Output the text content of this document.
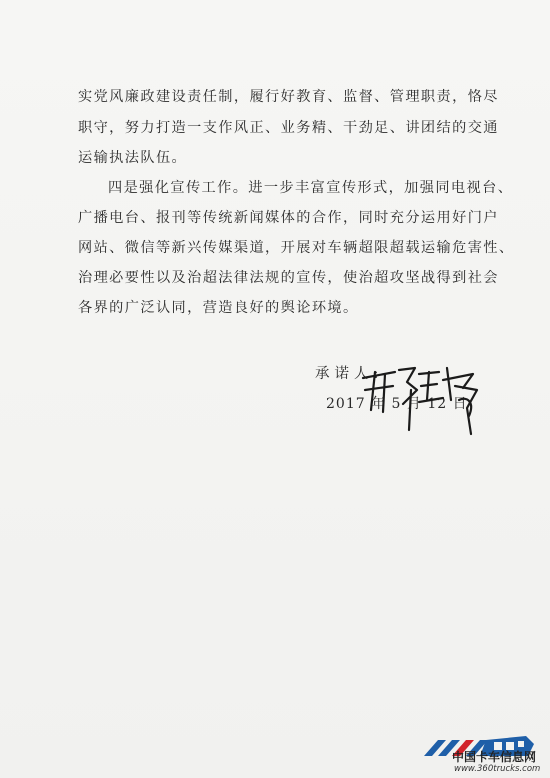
实党风廉政建设责任制，履行好教育、监督、管理职责，恪尽
职守，努力打造一支作风正、业务精、干劲足、讲团结的交通
运输执法队伍。
四是强化宣传工作。进一步丰富宣传形式，加强同电视台、
广播电台、报刊等传统新闻媒体的合作，同时充分运用好门户
网站、微信等新兴传媒渠道，开展对车辆超限超载运输危害性、
治理必要性以及治超法律法规的宣传，使治超攻坚战得到社会
各界的广泛认同，营造良好的舆论环境。
承诺人:
2017 年 5 月 12 日
中国卡车信息网
www.360trucks.com
